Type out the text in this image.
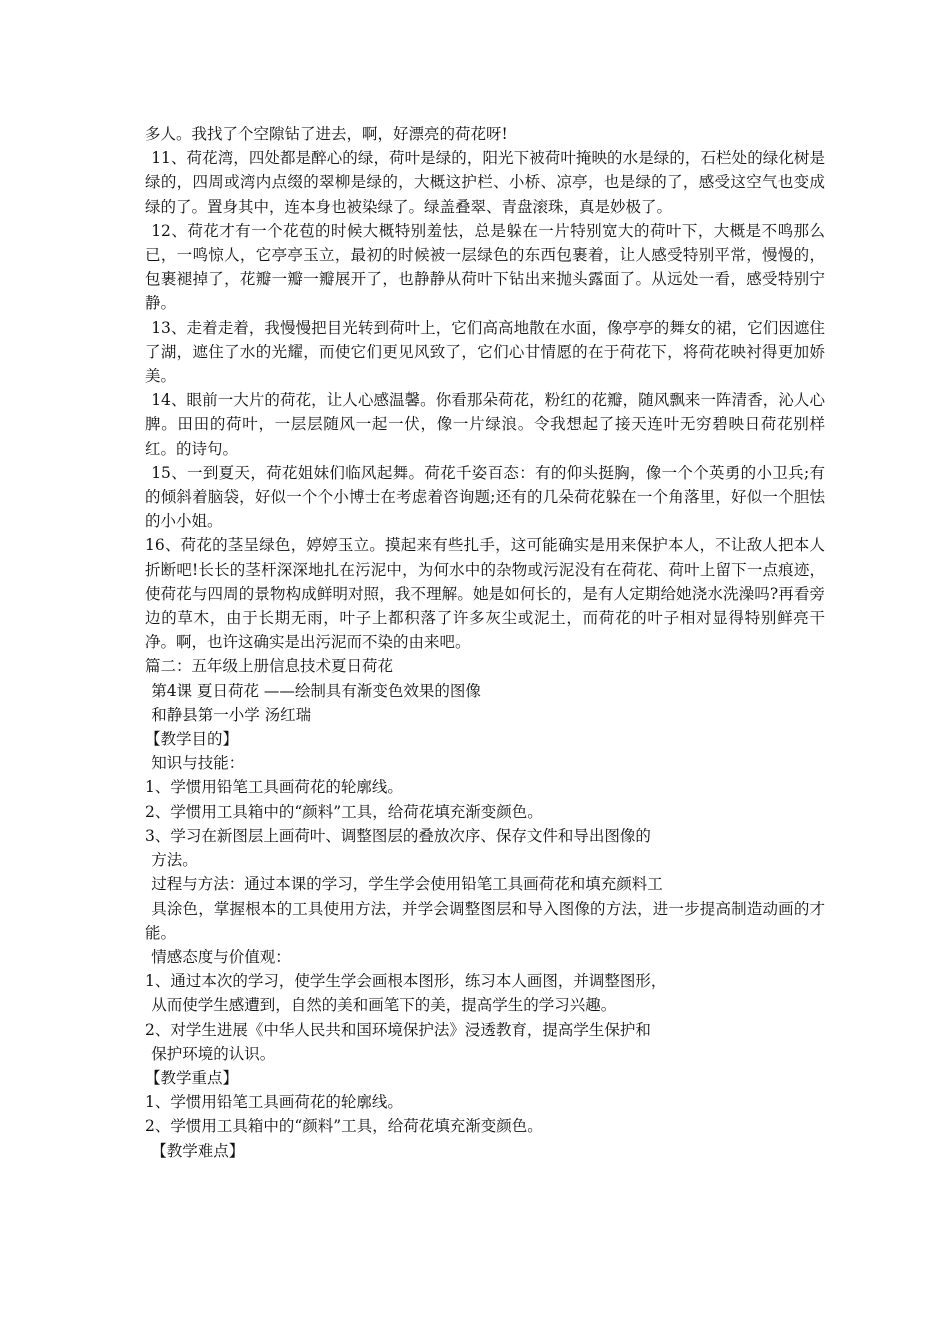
多人。我找了个空隙钻了进去，啊，好漂亮的荷花呀!

11、荷花湾，四处都是醉心的绿，荷叶是绿的，阳光下被荷叶掩映的水是绿的，石栏处的绿化树是绿的，四周或湾内点缀的翠柳是绿的，大概这护栏、小桥、凉亭，也是绿的了，感受这空气也变成绿的了。置身其中，连本身也被染绿了。绿盖叠翠、青盘滚珠，真是妙极了。

12、荷花才有一个花苞的时候大概特别羞怯，总是躲在一片特别宽大的荷叶下，大概是不鸣那么已，一鸣惊人，它亭亭玉立，最初的时候被一层绿色的东西包裹着，让人感受特别平常，慢慢的，包裹褪掉了，花瓣一瓣一瓣展开了，也静静从荷叶下钻出来抛头露面了。从远处一看，感受特别宁静。

13、走着走着，我慢慢把目光转到荷叶上，它们高高地散在水面，像亭亭的舞女的裙，它们因遮住了湖，遮住了水的光耀，而使它们更见风致了，它们心甘情愿的在于荷花下，将荷花映衬得更加娇美。

14、眼前一大片的荷花，让人心感温馨。你看那朵荷花，粉红的花瓣，随风飘来一阵清香，沁人心脾。田田的荷叶，一层层随风一起一伏，像一片绿浪。令我想起了接天连叶无穷碧映日荷花别样红。的诗句。

15、一到夏天，荷花姐妹们临风起舞。荷花千姿百态：有的仰头挺胸，像一个个英勇的小卫兵;有的倾斜着脑袋，好似一个个小博士在考虑着咨询题;还有的几朵荷花躲在一个角落里，好似一个胆怯的小小姐。

16、荷花的茎呈绿色，婷婷玉立。摸起来有些扎手，这可能确实是用来保护本人，不让敌人把本人折断吧!长长的茎杆深深地扎在污泥中，为何水中的杂物或污泥没有在荷花、荷叶上留下一点痕迹，使荷花与四周的景物构成鲜明对照，我不理解。她是如何长的，是有人定期给她浇水洗澡吗?再看旁边的草木，由于长期无雨，叶子上都积落了许多灰尘或泥土，而荷花的叶子相对显得特别鲜亮干净。啊，也许这确实是出污泥而不染的由来吧。

篇二：五年级上册信息技术夏日荷花

第4课 夏日荷花 ——绘制具有渐变色效果的图像

和静县第一小学 汤红瑞

【教学目的】

知识与技能：

1、学惯用铅笔工具画荷花的轮廓线。

2、学惯用工具箱中的“颜料”工具，给荷花填充渐变颜色。

3、学习在新图层上画荷叶、调整图层的叠放次序、保存文件和导出图像的

方法。

过程与方法：通过本课的学习，学生学会使用铅笔工具画荷花和填充颜料工

具涂色，掌握根本的工具使用方法，并学会调整图层和导入图像的方法，进一步提高制造动画的才能。

情感态度与价值观：

1、通过本次的学习，使学生学会画根本图形，练习本人画图，并调整图形，

从而使学生感遭到，自然的美和画笔下的美，提高学生的学习兴趣。

2、对学生进展《中华人民共和国环境保护法》浸透教育，提高学生保护和

保护环境的认识。

【教学重点】

1、学惯用铅笔工具画荷花的轮廓线。

2、学惯用工具箱中的“颜料”工具，给荷花填充渐变颜色。

【教学难点】
